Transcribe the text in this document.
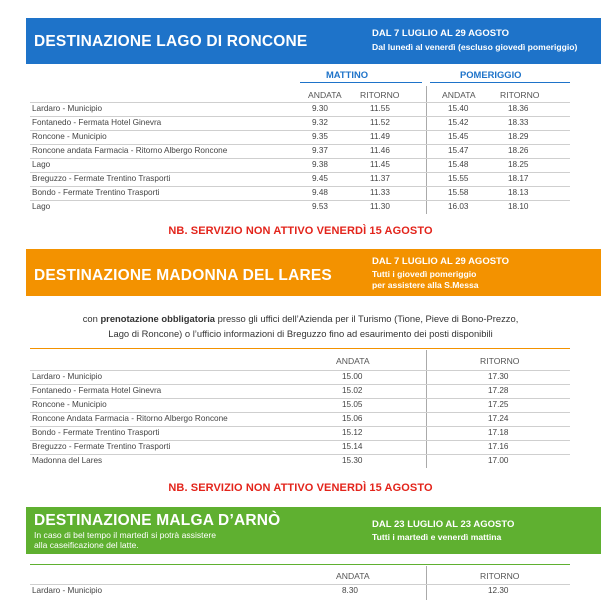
DESTINAZIONE LAGO DI RONCONE	DAL 7 LUGLIO AL 29 AGOSTO
Dal lunedì al venerdì (escluso giovedì pomeriggio)
MATTINO	POMERIGGIO
ANDATA RITORNO	ANDATA	RITORNO
Lardaro - Municipio	9.30	11.55	15.40	18.36
Fontanedo - Fermata Hotel Ginevra	9.32	11.52	15.42	18.33
Roncone - Municipio	9.35	11.49	15.45	18.29
Roncone andata Farmacia - Ritorno Albergo Roncone	9.37	11.46	15.47	18.26
Lago	9.38	11.45	15.48	18.25
Breguzzo - Fermate Trentino Trasporti	9.45	11.37	15.55	18.17
Bondo - Fermate Trentino Trasporti	9.48	11.33	15.58	18.13
Lago	9.53	11.30	16.03	18.10
NB. SERVIZIO NON ATTIVO VENERDÌ 15 AGOSTO
DESTINAZIONE MADONNA DEL LARES
DAL 7 LUGLIO AL 29 AGOSTO
Tutti i giovedì pomeriggio
per assistere alla S.Messa
con prenotazione obbligatoria presso gli uffici dell’Azienda per il Turismo (Tione, Pieve di Bono-Prezzo,
Lago di Roncone) o l’ufficio informazioni di Breguzzo fino ad esaurimento dei posti disponibili
ANDATA	RITORNO
Lardaro - Municipio	15.00	17.30
Fontanedo - Fermata Hotel Ginevra	15.02	17.28
Roncone - Municipio	15.05	17.25
Roncone Andata Farmacia - Ritorno Albergo Roncone	15.06	17.24
Bondo - Fermate Trentino Trasporti	15.12	17.18
Breguzzo - Fermate Trentino Trasporti	15.14	17.16
Madonna del Lares	15.30	17.00
NB. SERVIZIO NON ATTIVO VENERDÌ 15 AGOSTO
DESTINAZIONE MALGA D’ARNÒ
In caso di bel tempo il martedì si potrà assistere
alla caseificazione del latte.
DAL 23 LUGLIO AL 23 AGOSTO
Tutti i martedì e venerdì mattina
ANDATA	RITORNO
Lardaro - Municipio	8.30	12.30
